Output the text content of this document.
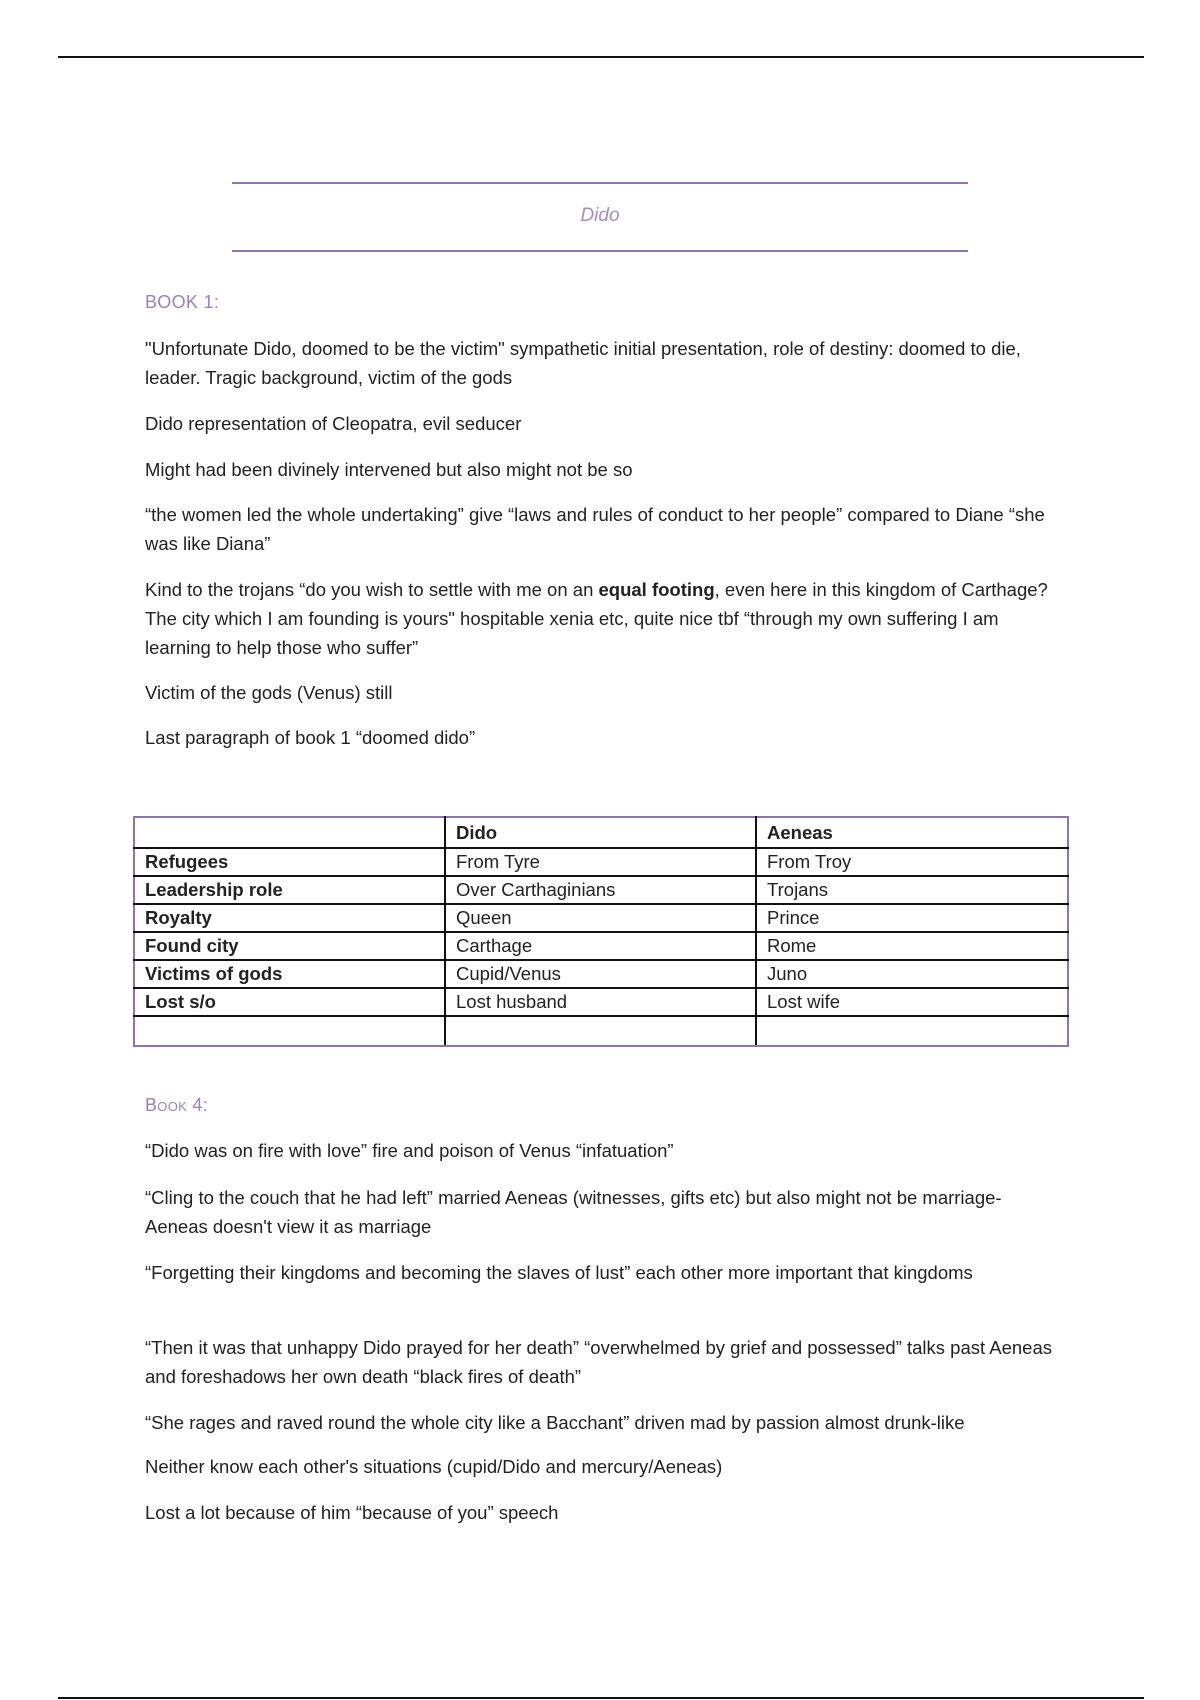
Dido
BOOK 1:
"Unfortunate Dido, doomed to be the victim" sympathetic initial presentation, role of destiny: doomed to die, leader. Tragic background, victim of the gods
Dido representation of Cleopatra, evil seducer
Might had been divinely intervened but also might not be so
“the women led the whole undertaking” give “laws and rules of conduct to her people” compared to Diane “she was like Diana”
Kind to the trojans “do you wish to settle with me on an equal footing, even here in this kingdom of Carthage? The city which I am founding is yours" hospitable xenia etc, quite nice tbf “through my own suffering I am learning to help those who suffer”
Victim of the gods (Venus) still
Last paragraph of book 1 “doomed dido”
	Dido	Aeneas
Refugees	From Tyre	From Troy
Leadership role	Over Carthaginians	Trojans
Royalty	Queen	Prince
Found city	Carthage	Rome
Victims of gods	Cupid/Venus	Juno
Lost s/o	Lost husband	Lost wife

Book 4:
“Dido was on fire with love” fire and poison of Venus “infatuation”
“Cling to the couch that he had left” married Aeneas (witnesses, gifts etc) but also might not be marriage- Aeneas doesn't view it as marriage
“Forgetting their kingdoms and becoming the slaves of lust” each other more important that kingdoms
“Then it was that unhappy Dido prayed for her death” “overwhelmed by grief and possessed” talks past Aeneas and foreshadows her own death “black fires of death”
“She rages and raved round the whole city like a Bacchant” driven mad by passion almost drunk-like
Neither know each other's situations (cupid/Dido and mercury/Aeneas)
Lost a lot because of him “because of you” speech
